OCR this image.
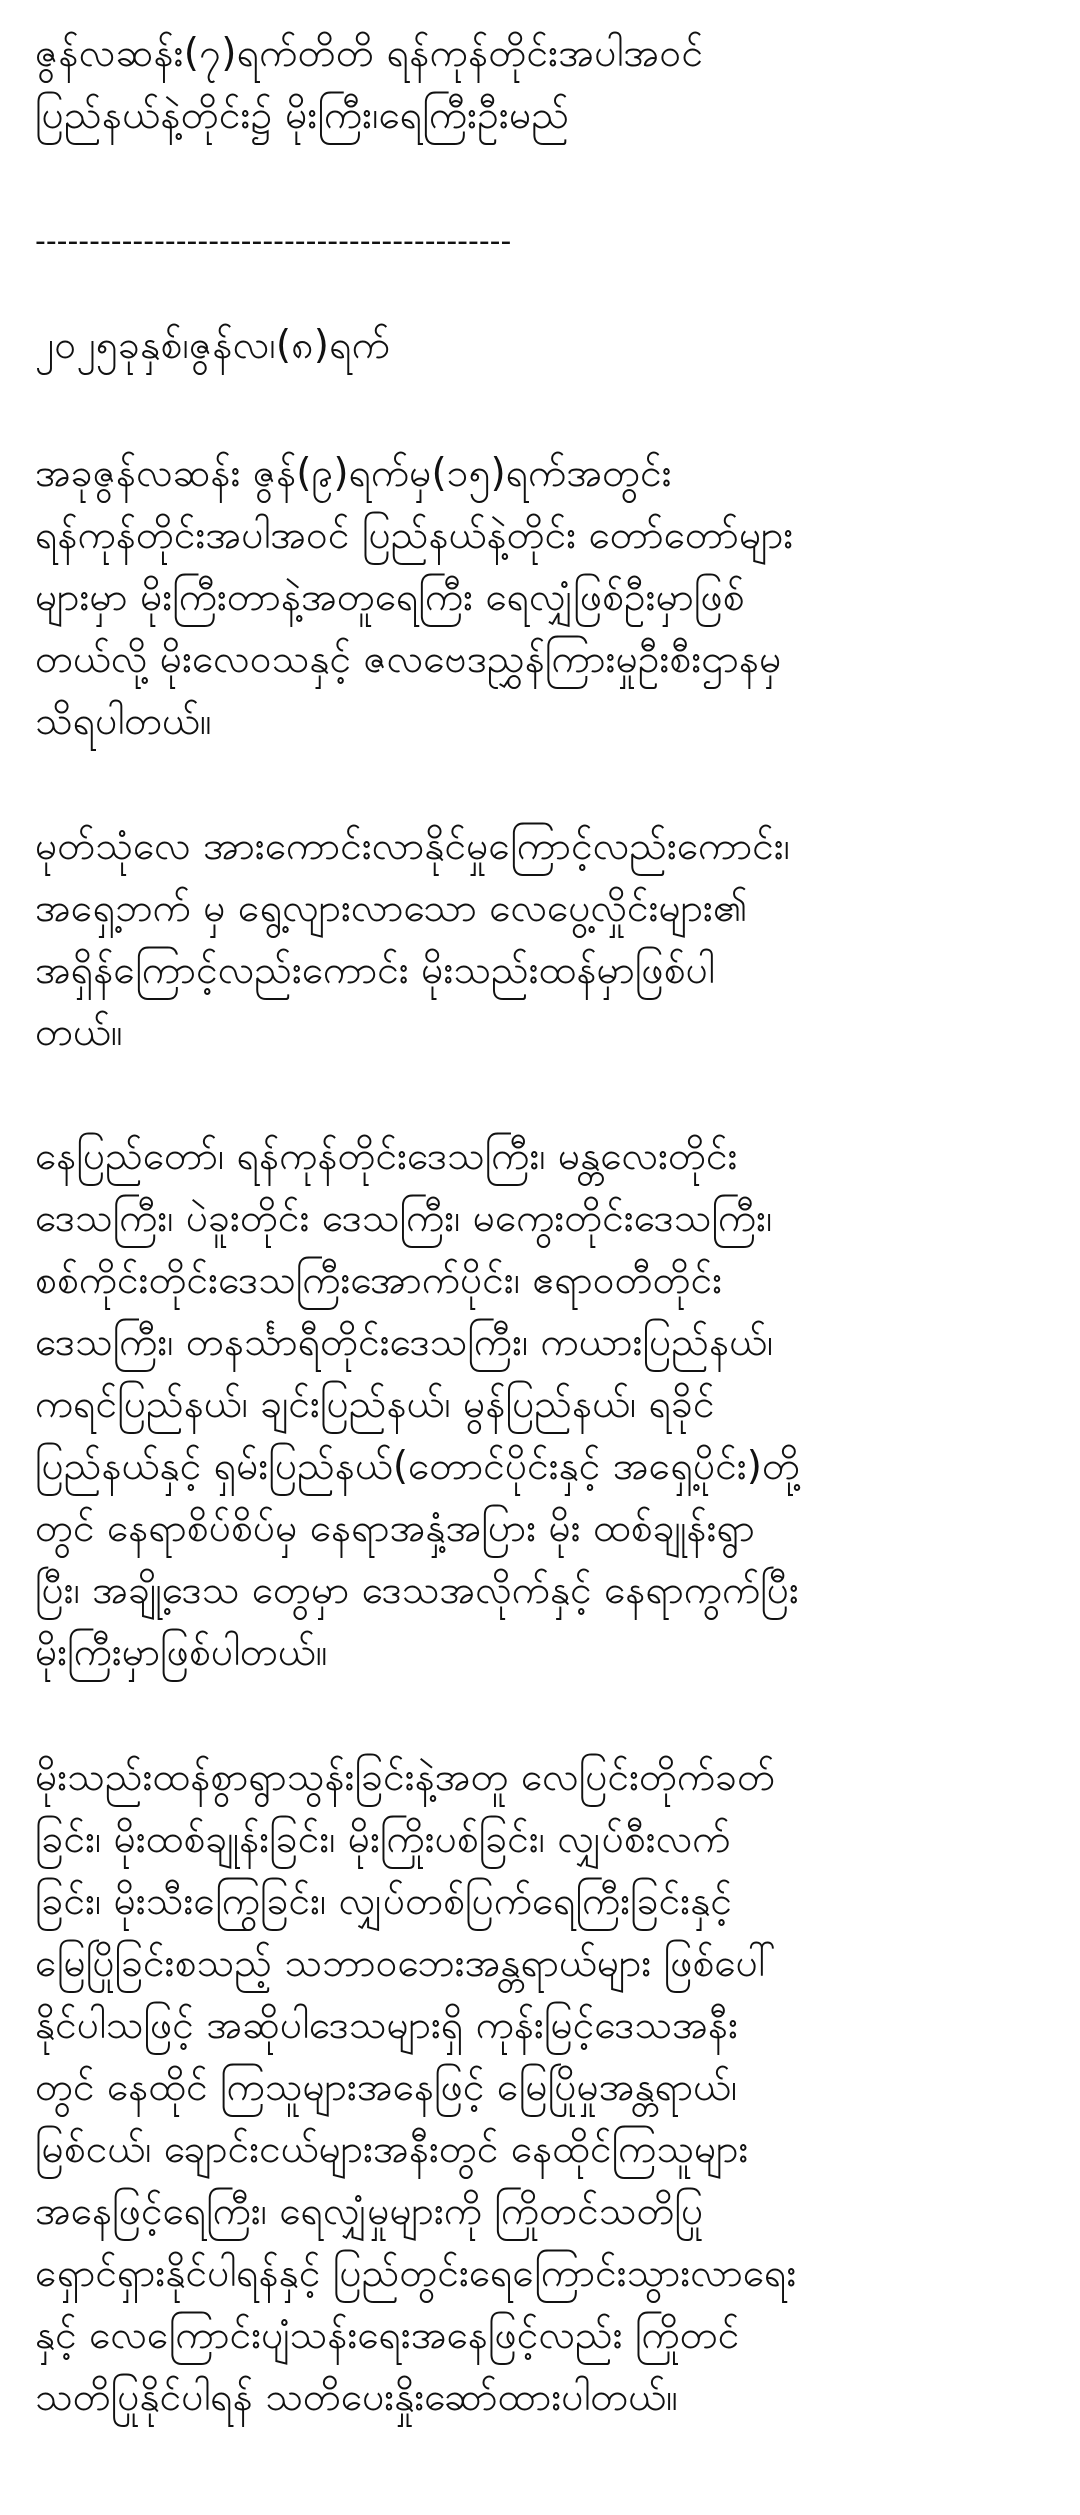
ဇွန်လဆန်း(၇)ရက်တိတိ ရန်ကုန်တိုင်းအပါအဝင်
ပြည်နယ်နဲ့တိုင်း၌ မိုးကြီး၊ရေကြီးဦးမည်
--------------------------------------------
၂၀၂၅ခုနှစ်၊ဇွန်လ၊(၈)ရက်
အခုဇွန်လဆန်း ဇွန်(၉)ရက်မှ(၁၅)ရက်အတွင်း
ရန်ကုန်တိုင်းအပါအဝင် ပြည်နယ်နဲ့တိုင်း တော်တော်များ
များမှာ မိုးကြီးတာနဲ့အတူရေကြီး ရေလျှံဖြစ်ဦးမှာဖြစ်
တယ်လို့ မိုးလေဝသနှင့် ဇလဗေဒညွှန်ကြားမှုဦးစီးဌာနမှ
သိရပါတယ်။
မုတ်သုံလေ အားကောင်းလာနိုင်မှုကြောင့်လည်းကောင်း၊
အရှေ့ဘက် မှ ရွေ့လျားလာသော လေပွေ့လှိုင်းများ၏
အရှိန်ကြောင့်လည်းကောင်း မိုးသည်းထန်မှာဖြစ်ပါ
တယ်။
နေပြည်တော်၊ ရန်ကုန်တိုင်းဒေသကြီး၊ မန္တလေးတိုင်း
ဒေသကြီး၊ ပဲခူးတိုင်း ဒေသကြီး၊ မကွေးတိုင်းဒေသကြီး၊
စစ်ကိုင်းတိုင်းဒေသကြီးအောက်ပိုင်း၊ ဧရာဝတီတိုင်း
ဒေသကြီး၊ တနင်္သာရီတိုင်းဒေသကြီး၊ ကယားပြည်နယ်၊
ကရင်ပြည်နယ်၊ ချင်းပြည်နယ်၊ မွန်ပြည်နယ်၊ ရခိုင်
ပြည်နယ်နှင့် ရှမ်းပြည်နယ်(တောင်ပိုင်းနှင့် အရှေ့ပိုင်း)တို့
တွင် နေရာစိပ်စိပ်မှ နေရာအနှံ့အပြား မိုး ထစ်ချုန်းရွာ
ပြီး၊ အချို့ဒေသ တွေမှာ ဒေသအလိုက်နှင့် နေရာကွက်ပြီး
မိုးကြီးမှာဖြစ်ပါတယ်။
မိုးသည်းထန်စွာရွာသွန်းခြင်းနဲ့အတူ လေပြင်းတိုက်ခတ်
ခြင်း၊ မိုးထစ်ချုန်းခြင်း၊ မိုးကြိုးပစ်ခြင်း၊ လျှပ်စီးလက်
ခြင်း၊ မိုးသီးကြွေခြင်း၊ လျှပ်တစ်ပြက်ရေကြီးခြင်းနှင့်
မြေပြိုခြင်းစသည့် သဘာဝဘေးအန္တရာယ်များ ဖြစ်ပေါ်
နိုင်ပါသဖြင့် အဆိုပါဒေသများရှိ ကုန်းမြင့်ဒေသအနီး
တွင် နေထိုင် ကြသူများအနေဖြင့် မြေပြိုမှုအန္တရာယ်၊
မြစ်ငယ်၊ ချောင်းငယ်များအနီးတွင် နေထိုင်ကြသူများ
အနေဖြင့်ရေကြီး၊ ရေလျှံမှုများကို ကြိုတင်သတိပြု
ရှောင်ရှားနိုင်ပါရန်နှင့် ပြည်တွင်းရေကြောင်းသွားလာရေး
နှင့် လေကြောင်းပျံသန်းရေးအနေဖြင့်လည်း ကြိုတင်
သတိပြုနိုင်ပါရန် သတိပေးနှိုးဆော်ထားပါတယ်။
